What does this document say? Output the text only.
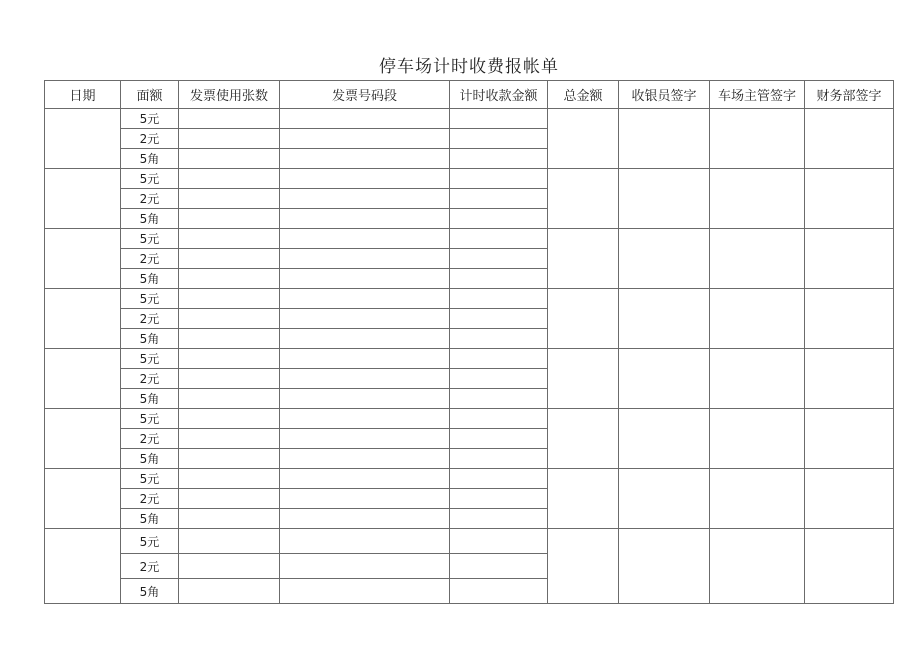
停车场计时收费报帐单
日期	面额	发票使用张数	发票号码段	计时收款金额	总金额	收银员签字	车场主管签字	财务部签字
	5元							
	2元							
	5角							
	5元							
	2元							
	5角							
	5元							
	2元							
	5角							
	5元							
	2元							
	5角							
	5元							
	2元							
	5角							
	5元							
	2元							
	5角							
	5元							
	2元							
	5角							
	5元							
	2元							
	5角							
